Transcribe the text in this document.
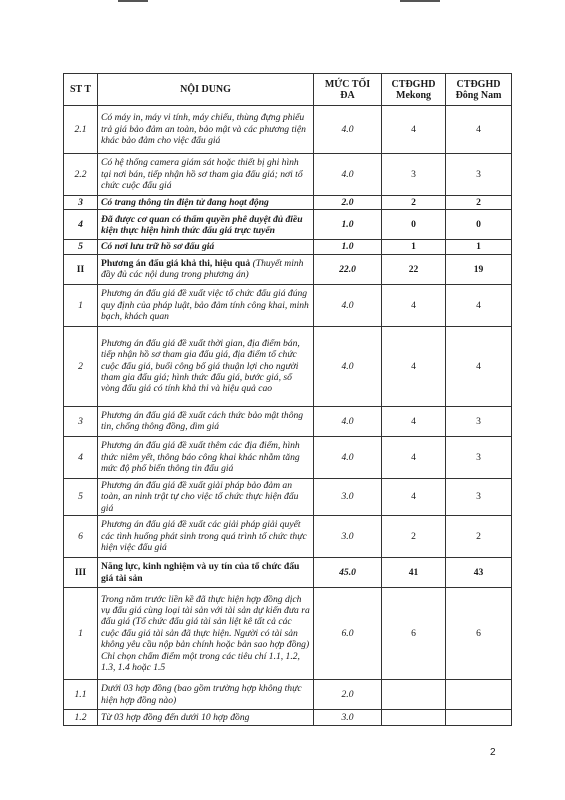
ST T	NỘI DUNG	MỨC TỐI ĐA	CTĐGHD Mekong	CTĐGHD Đông Nam
2.1	Có máy in, máy vi tính, máy chiếu, thùng đựng phiếu trả giá bảo đảm an toàn, bảo mật và các phương tiện khác bảo đảm cho việc đấu giá	4.0	4	4
2.2	Có hệ thống camera giám sát hoặc thiết bị ghi hình tại nơi bán, tiếp nhận hồ sơ tham gia đấu giá; nơi tổ chức cuộc đấu giá	4.0	3	3
3	Có trang thông tin điện tử đang hoạt động	2.0	2	2
4	Đã được cơ quan có thẩm quyền phê duyệt đủ điều kiện thực hiện hình thức đấu giá trực tuyến	1.0	0	0
5	Có nơi lưu trữ hồ sơ đấu giá	1.0	1	1
II	Phương án đấu giá khả thi, hiệu quả (Thuyết minh đầy đủ các nội dung trong phương án)	22.0	22	19
1	Phương án đấu giá đề xuất việc tổ chức đấu giá đúng quy định của pháp luật, bảo đảm tính công khai, minh bạch, khách quan	4.0	4	4
2	Phương án đấu giá đề xuất thời gian, địa điểm bán, tiếp nhận hồ sơ tham gia đấu giá, địa điểm tổ chức cuộc đấu giá, buổi công bố giá thuận lợi cho người tham gia đấu giá; hình thức đấu giá, bước giá, số vòng đấu giá có tính khả thi và hiệu quả cao	4.0	4	4
3	Phương án đấu giá đề xuất cách thức bảo mật thông tin, chống thông đồng, dìm giá	4.0	4	3
4	Phương án đấu giá đề xuất thêm các địa điểm, hình thức niêm yết, thông báo công khai khác nhằm tăng mức độ phổ biến thông tin đấu giá	4.0	4	3
5	Phương án đấu giá đề xuất giải pháp bảo đảm an toàn, an ninh trật tự cho việc tổ chức thực hiện đấu giá	3.0	4	3
6	Phương án đấu giá đề xuất các giải pháp giải quyết các tình huống phát sinh trong quá trình tổ chức thực hiện việc đấu giá	3.0	2	2
III	Năng lực, kinh nghiệm và uy tín của tổ chức đấu giá tài sản	45.0	41	43
1	Trong năm trước liền kề đã thực hiện hợp đồng dịch vụ đấu giá cùng loại tài sản với tài sản dự kiến đưa ra đấu giá (Tổ chức đấu giá tài sản liệt kê tất cả các cuộc đấu giá tài sản đã thực hiện. Người có tài sản không yêu cầu nộp bản chính hoặc bản sao hợp đồng) Chỉ chọn chấm điểm một trong các tiêu chí 1.1, 1.2, 1.3, 1.4 hoặc 1.5	6.0	6	6
1.1	Dưới 03 hợp đồng (bao gồm trường hợp không thực hiện hợp đồng nào)	2.0		
1.2	Từ 03 hợp đồng đến dưới 10 hợp đồng	3.0		
2
